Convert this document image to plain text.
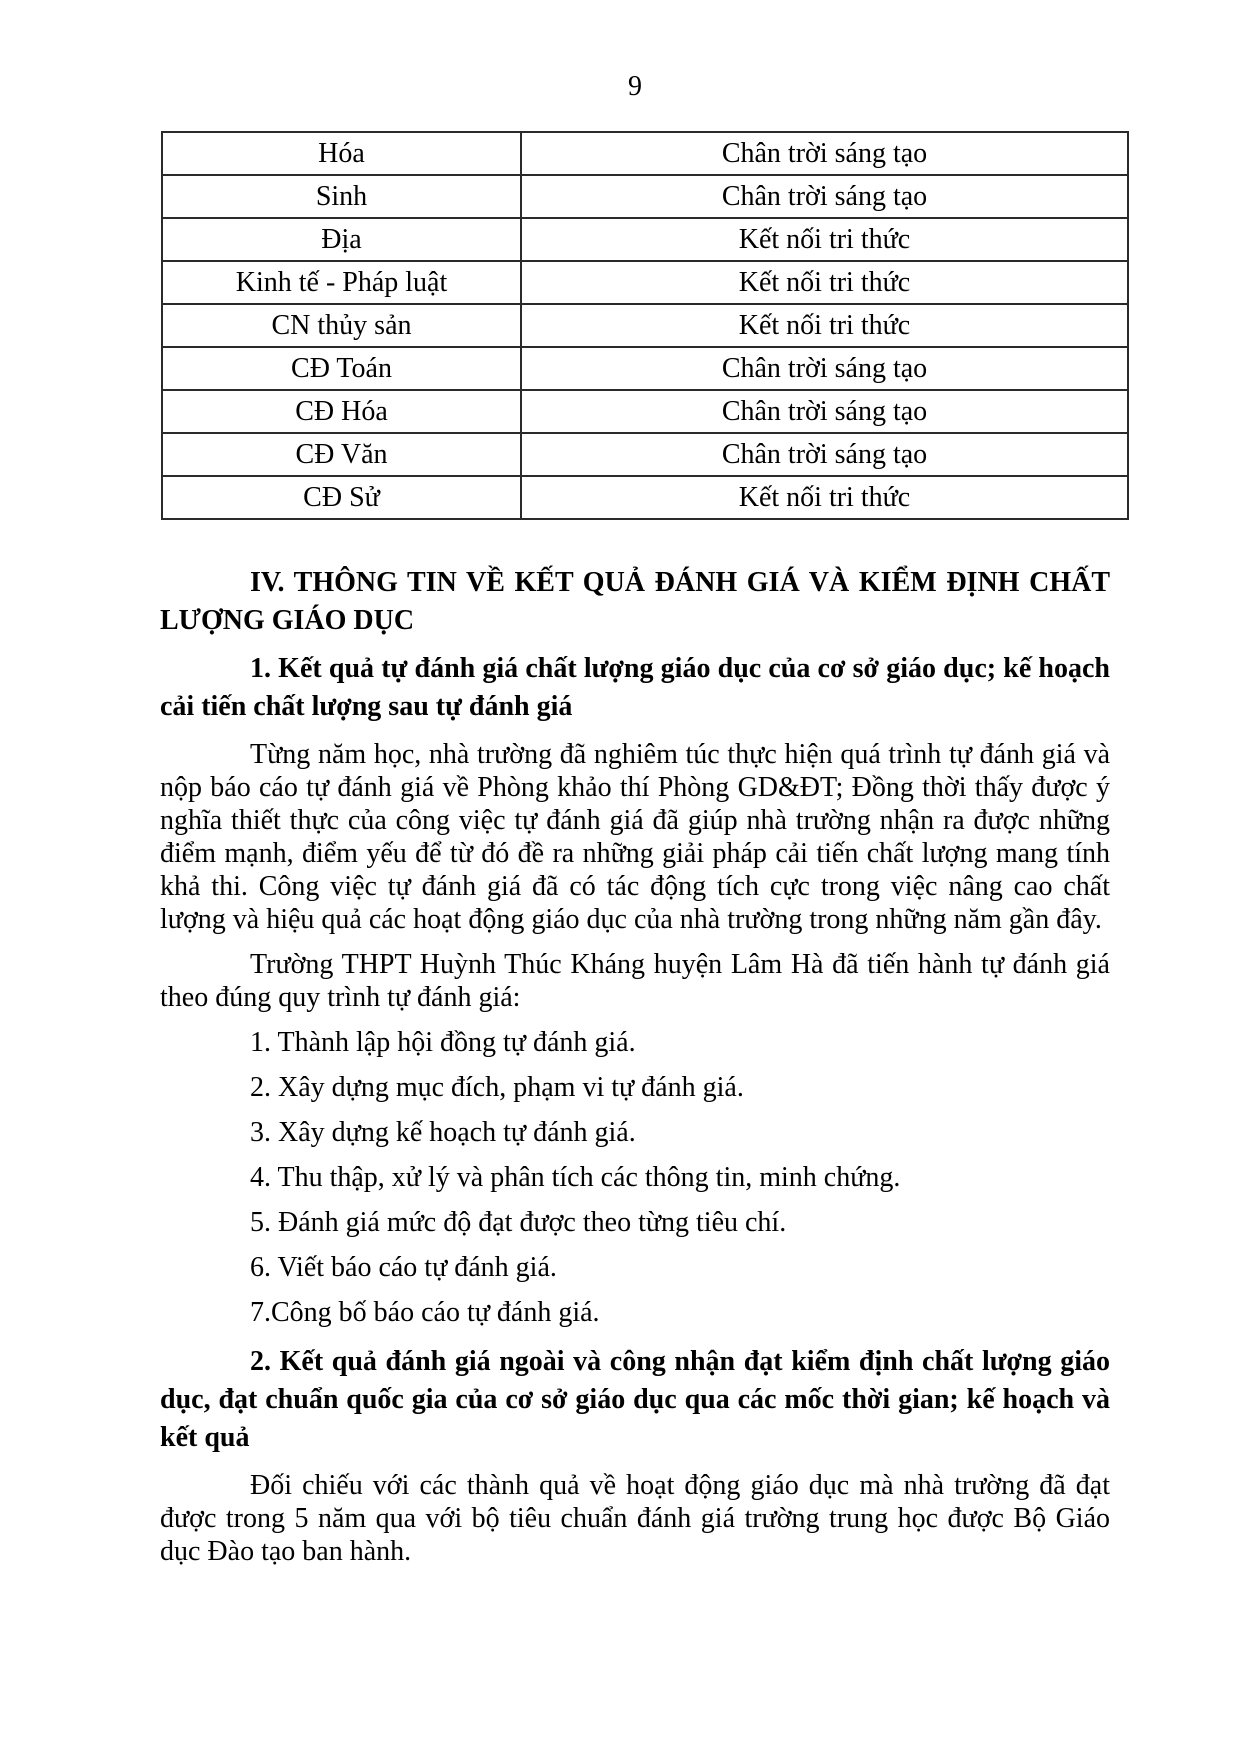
9
Hóa	Chân trời sáng tạo
Sinh	Chân trời sáng tạo
Địa	Kết nối tri thức
Kinh tế - Pháp luật	Kết nối tri thức
CN thủy sản	Kết nối tri thức
CĐ Toán	Chân trời sáng tạo
CĐ Hóa	Chân trời sáng tạo
CĐ Văn	Chân trời sáng tạo
CĐ Sử	Kết nối tri thức
IV. THÔNG TIN VỀ KẾT QUẢ ĐÁNH GIÁ VÀ KIỂM ĐỊNH CHẤT LƯỢNG GIÁO DỤC
1. Kết quả tự đánh giá chất lượng giáo dục của cơ sở giáo dục; kế hoạch cải tiến chất lượng sau tự đánh giá

Từng năm học, nhà trường đã nghiêm túc thực hiện quá trình tự đánh giá và nộp báo cáo tự đánh giá về Phòng khảo thí Phòng GD&ĐT; Đồng thời thấy được ý nghĩa thiết thực của công việc tự đánh giá đã giúp nhà trường nhận ra được những điểm mạnh, điểm yếu để từ đó đề ra những giải pháp cải tiến chất lượng mang tính khả thi. Công việc tự đánh giá đã có tác động tích cực trong việc nâng cao chất lượng và hiệu quả các hoạt động giáo dục của nhà trường trong những năm gần đây.

Trường THPT Huỳnh Thúc Kháng huyện Lâm Hà đã tiến hành tự đánh giá theo đúng quy trình tự đánh giá:

1. Thành lập hội đồng tự đánh giá.

2. Xây dựng mục đích, phạm vi tự đánh giá.

3. Xây dựng kế hoạch tự đánh giá.

4. Thu thập, xử lý và phân tích các thông tin, minh chứng.

5. Đánh giá mức độ đạt được theo từng tiêu chí.

6. Viết báo cáo tự đánh giá.

7.Công bố báo cáo tự đánh giá.

2. Kết quả đánh giá ngoài và công nhận đạt kiểm định chất lượng giáo dục, đạt chuẩn quốc gia của cơ sở giáo dục qua các mốc thời gian; kế hoạch và kết quả

Đối chiếu với các thành quả về hoạt động giáo dục mà nhà trường đã đạt được trong 5 năm qua với bộ tiêu chuẩn đánh giá trường trung học được Bộ Giáo dục Đào tạo ban hành.
